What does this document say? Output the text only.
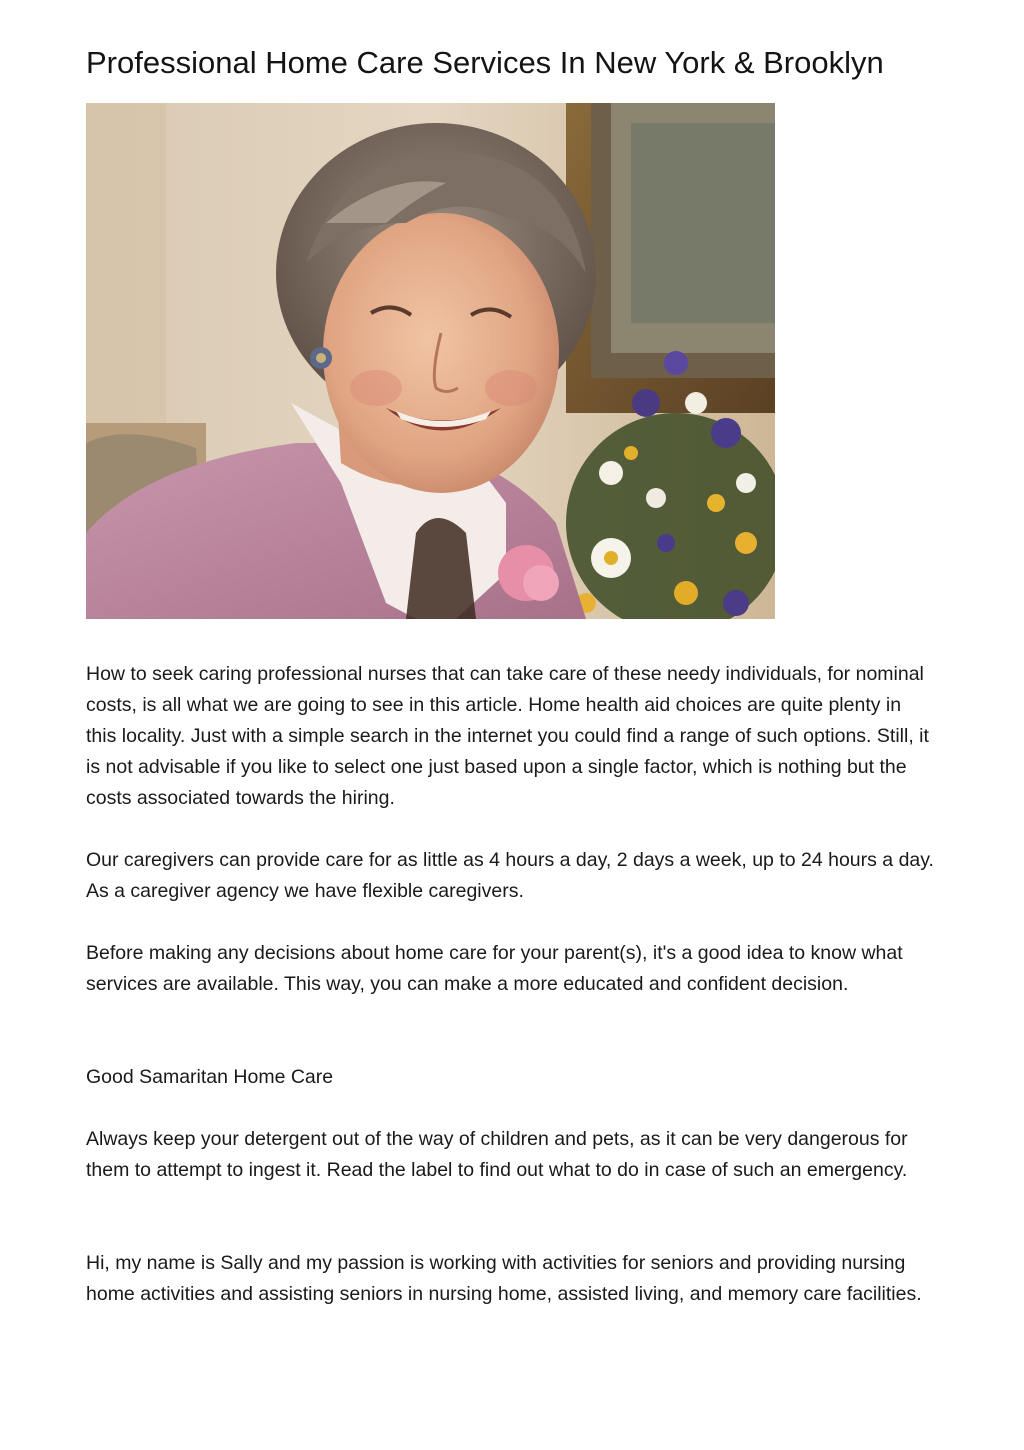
Professional Home Care Services In New York & Brooklyn

How to seek caring professional nurses that can take care of these needy individuals, for nominal costs, is all what we are going to see in this article. Home health aid choices are quite plenty in this locality. Just with a simple search in the internet you could find a range of such options. Still, it is not advisable if you like to select one just based upon a single factor, which is nothing but the costs associated towards the hiring.

Our caregivers can provide care for as little as 4 hours a day, 2 days a week, up to 24 hours a day. As a caregiver agency we have flexible caregivers.

Before making any decisions about home care for your parent(s), it's a good idea to know what services are available. This way, you can make a more educated and confident decision.

Good Samaritan Home Care

Always keep your detergent out of the way of children and pets, as it can be very dangerous for them to attempt to ingest it. Read the label to find out what to do in case of such an emergency.

Hi, my name is Sally and my passion is working with activities for seniors and providing nursing home activities and assisting seniors in nursing home, assisted living, and memory care facilities.
